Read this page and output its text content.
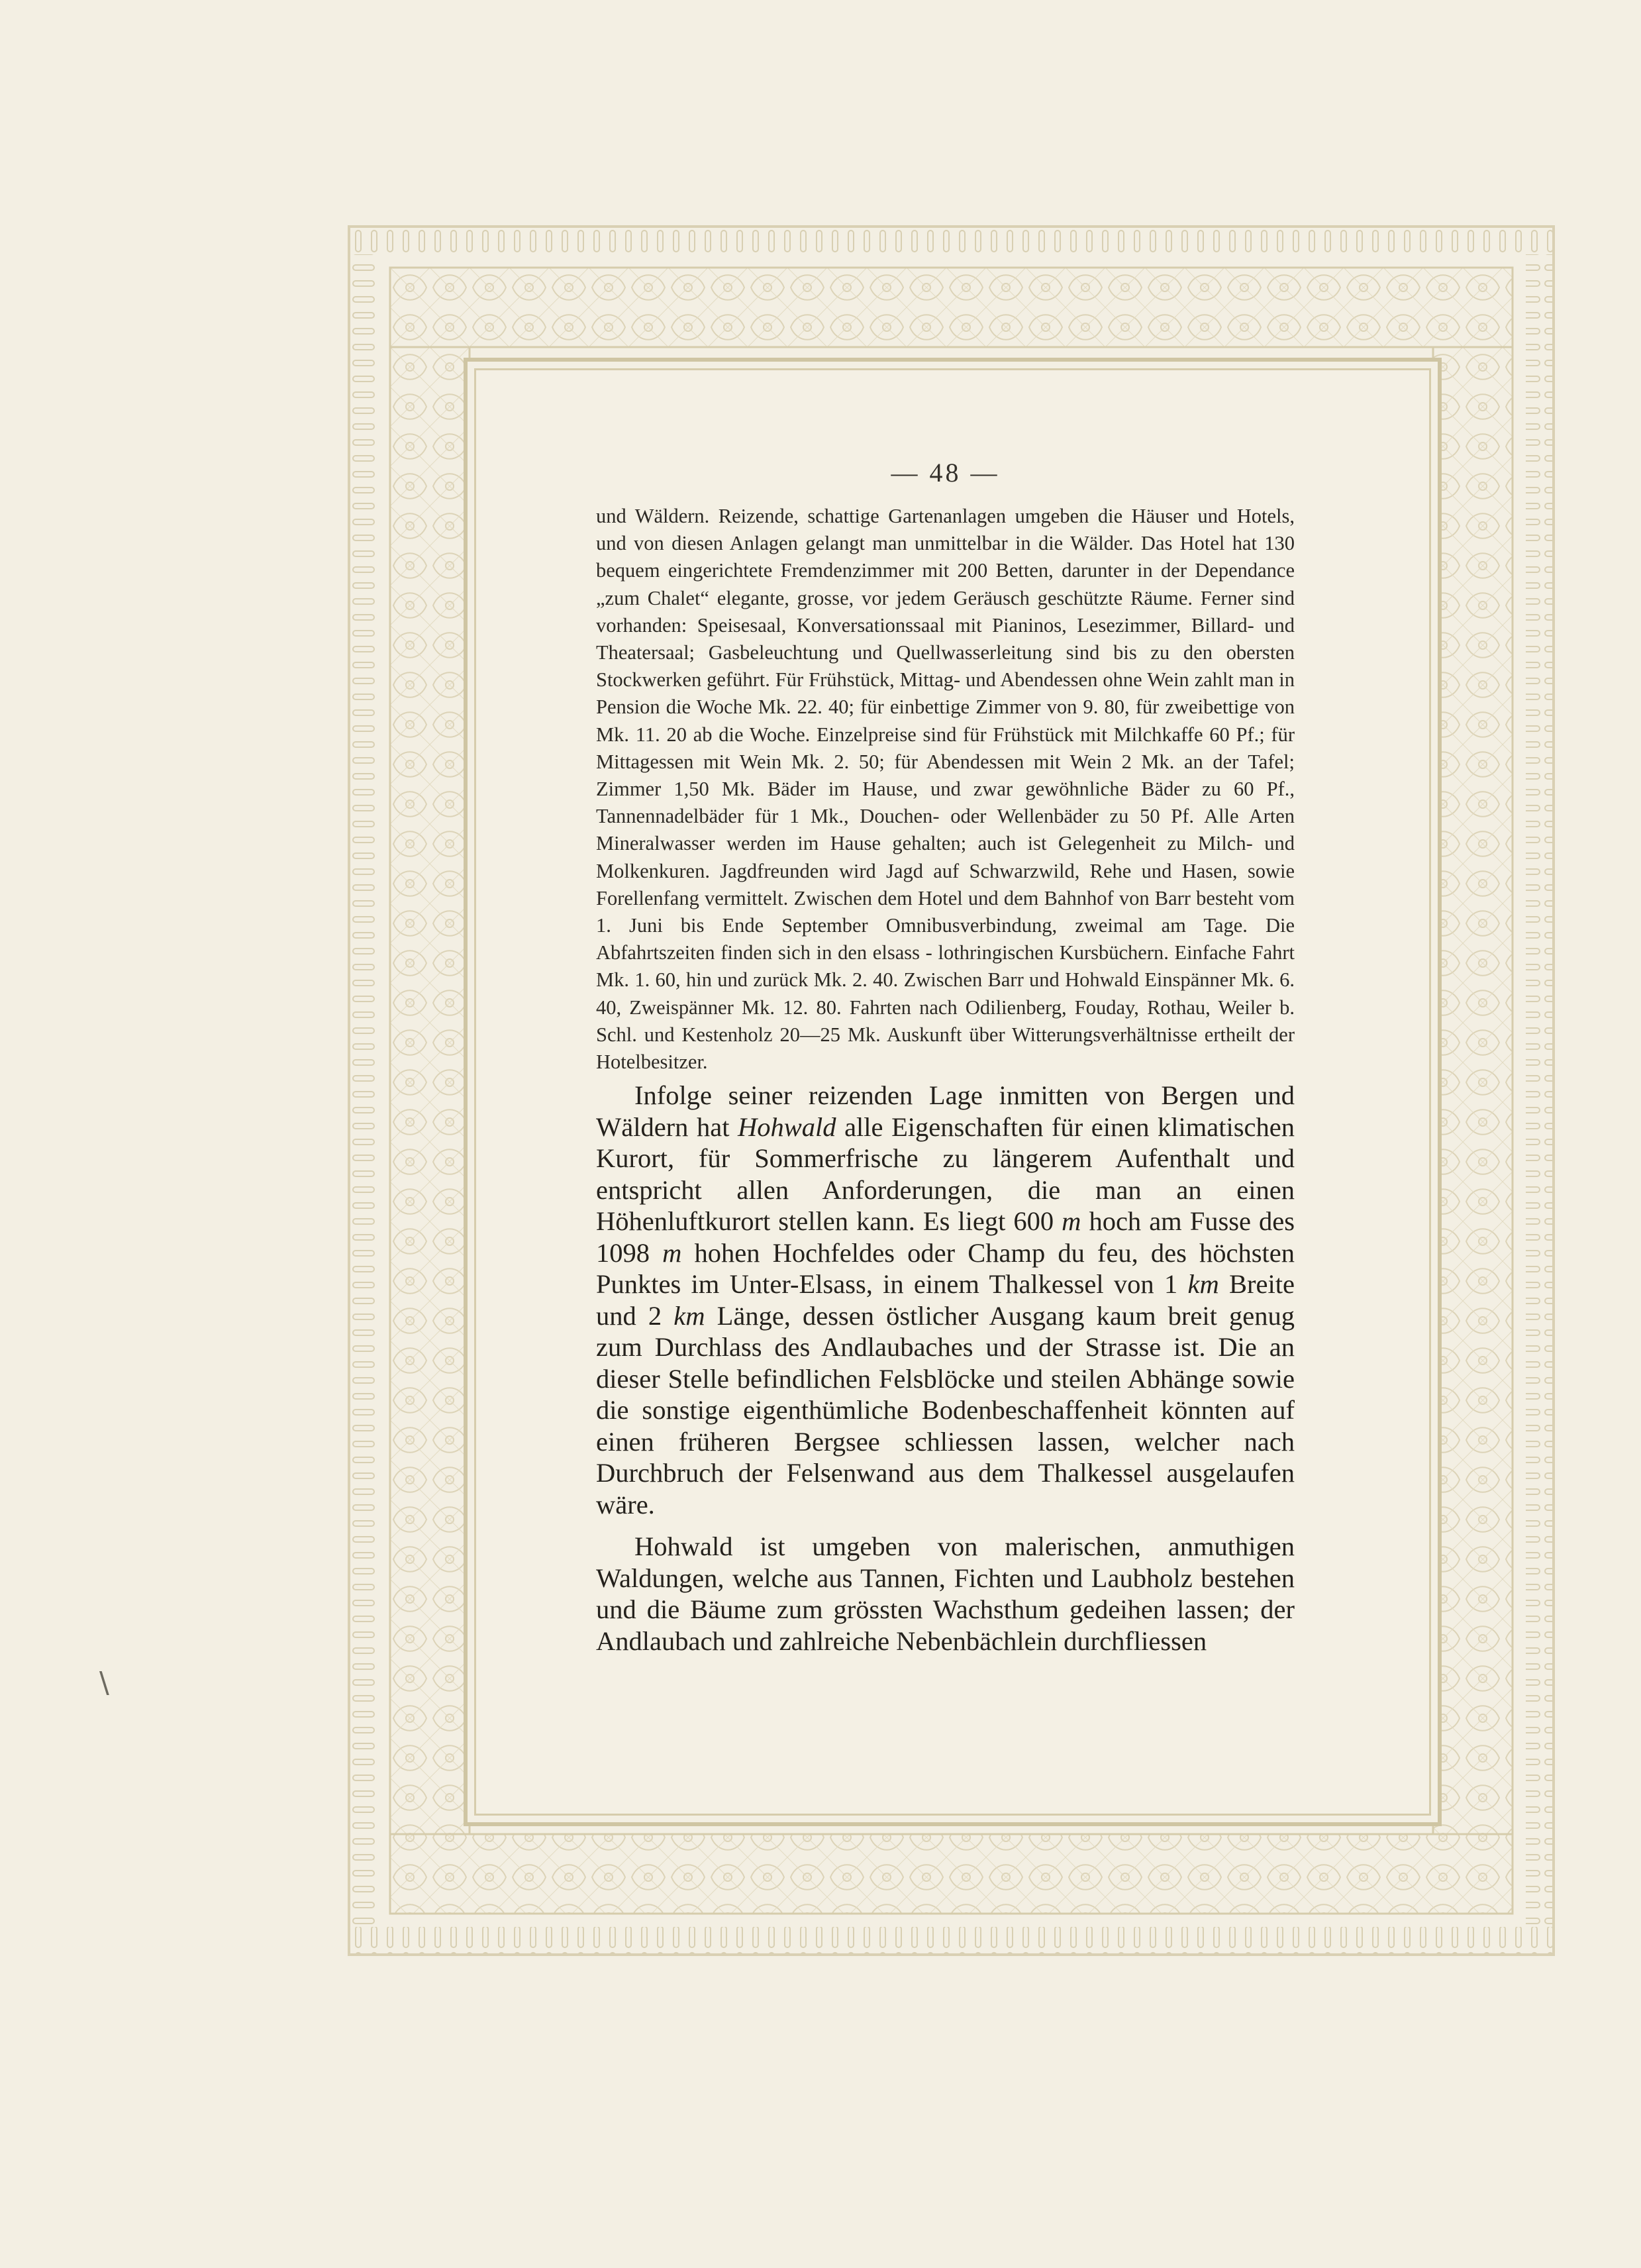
— 48 —

und Wäldern. Reizende, schattige Gartenanlagen umgeben die Häuser und Hotels, und von diesen Anlagen gelangt man unmittelbar in die Wälder. Das Hotel hat 130 bequem eingerichtete Fremdenzimmer mit 200 Betten, darunter in der Dependance „zum Chalet“ elegante, grosse, vor jedem Geräusch geschützte Räume. Ferner sind vorhanden: Speisesaal, Konversationssaal mit Pianinos, Lesezimmer, Billard- und Theatersaal; Gasbeleuchtung und Quellwasserleitung sind bis zu den obersten Stockwerken geführt. Für Frühstück, Mittag- und Abendessen ohne Wein zahlt man in Pension die Woche Mk. 22. 40; für einbettige Zimmer von 9. 80, für zweibettige von Mk. 11. 20 ab die Woche. Einzelpreise sind für Frühstück mit Milchkaffe 60 Pf.; für Mittagessen mit Wein Mk. 2. 50; für Abendessen mit Wein 2 Mk. an der Tafel; Zimmer 1,50 Mk. Bäder im Hause, und zwar gewöhnliche Bäder zu 60 Pf., Tannennadelbäder für 1 Mk., Douchen- oder Wellenbäder zu 50 Pf. Alle Arten Mineralwasser werden im Hause gehalten; auch ist Gelegenheit zu Milch- und Molkenkuren. Jagdfreunden wird Jagd auf Schwarzwild, Rehe und Hasen, sowie Forellenfang vermittelt. Zwischen dem Hotel und dem Bahnhof von Barr besteht vom 1. Juni bis Ende September Omnibusverbindung, zweimal am Tage. Die Abfahrtszeiten finden sich in den elsass - lothringischen Kursbüchern. Einfache Fahrt Mk. 1. 60, hin und zurück Mk. 2. 40. Zwischen Barr und Hohwald Einspänner Mk. 6. 40, Zweispänner Mk. 12. 80. Fahrten nach Odilienberg, Fouday, Rothau, Weiler b. Schl. und Kestenholz 20—25 Mk. Auskunft über Witterungsverhältnisse ertheilt der Hotelbesitzer.

Infolge seiner reizenden Lage inmitten von Bergen und Wäldern hat Hohwald alle Eigenschaften für einen klimatischen Kurort, für Sommerfrische zu längerem Aufenthalt und entspricht allen Anforderungen, die man an einen Höhenluftkurort stellen kann. Es liegt 600 m hoch am Fusse des 1098 m hohen Hochfeldes oder Champ du feu, des höchsten Punktes im Unter-Elsass, in einem Thalkessel von 1 km Breite und 2 km Länge, dessen östlicher Ausgang kaum breit genug zum Durchlass des Andlaubaches und der Strasse ist. Die an dieser Stelle befindlichen Felsblöcke und steilen Abhänge sowie die sonstige eigenthümliche Bodenbeschaffenheit könnten auf einen früheren Bergsee schliessen lassen, welcher nach Durchbruch der Felsenwand aus dem Thalkessel ausgelaufen wäre.

Hohwald ist umgeben von malerischen, anmuthigen Waldungen, welche aus Tannen, Fichten und Laubholz bestehen und die Bäume zum grössten Wachsthum gedeihen lassen; der Andlaubach und zahlreiche Nebenbächlein durchfliessen

\
